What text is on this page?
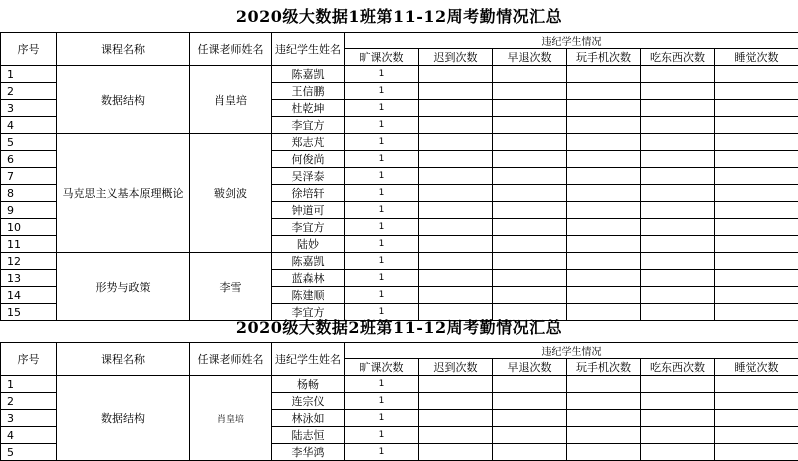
2020级大数据1班第11-12周考勤情况汇总
序号	课程名称	任课老师姓名	违纪学生姓名	违纪学生情况					
				旷课次数	迟到次数	早退次数	玩手机次数	吃东西次数	睡觉次数
1	数据结构	肖皇培	陈嘉凯	1					
2			王信鹏	1					
3			杜乾坤	1					
4			李宜方	1					
5	马克思主义基本原理概论	皲剑波	郑志芃	1					
6			何俊尚	1					
7			吴泽泰	1					
8			徐培轩	1					
9			钟道可	1					
10			李宜方	1					
11			陆妙	1					
12	形势与政策	李雪	陈嘉凯	1					
13			蓝森林	1					
14			陈建顺	1					
15			李宜方	1					
2020级大数据2班第11-12周考勤情况汇总
序号	课程名称	任课老师姓名	违纪学生姓名	违纪学生情况					
				旷课次数	迟到次数	早退次数	玩手机次数	吃东西次数	睡觉次数
1	数据结构	肖皇培	杨畅	1					
2			连宗仪	1					
3			林泳如	1					
4			陆志恒	1					
5			李华鸿	1					
